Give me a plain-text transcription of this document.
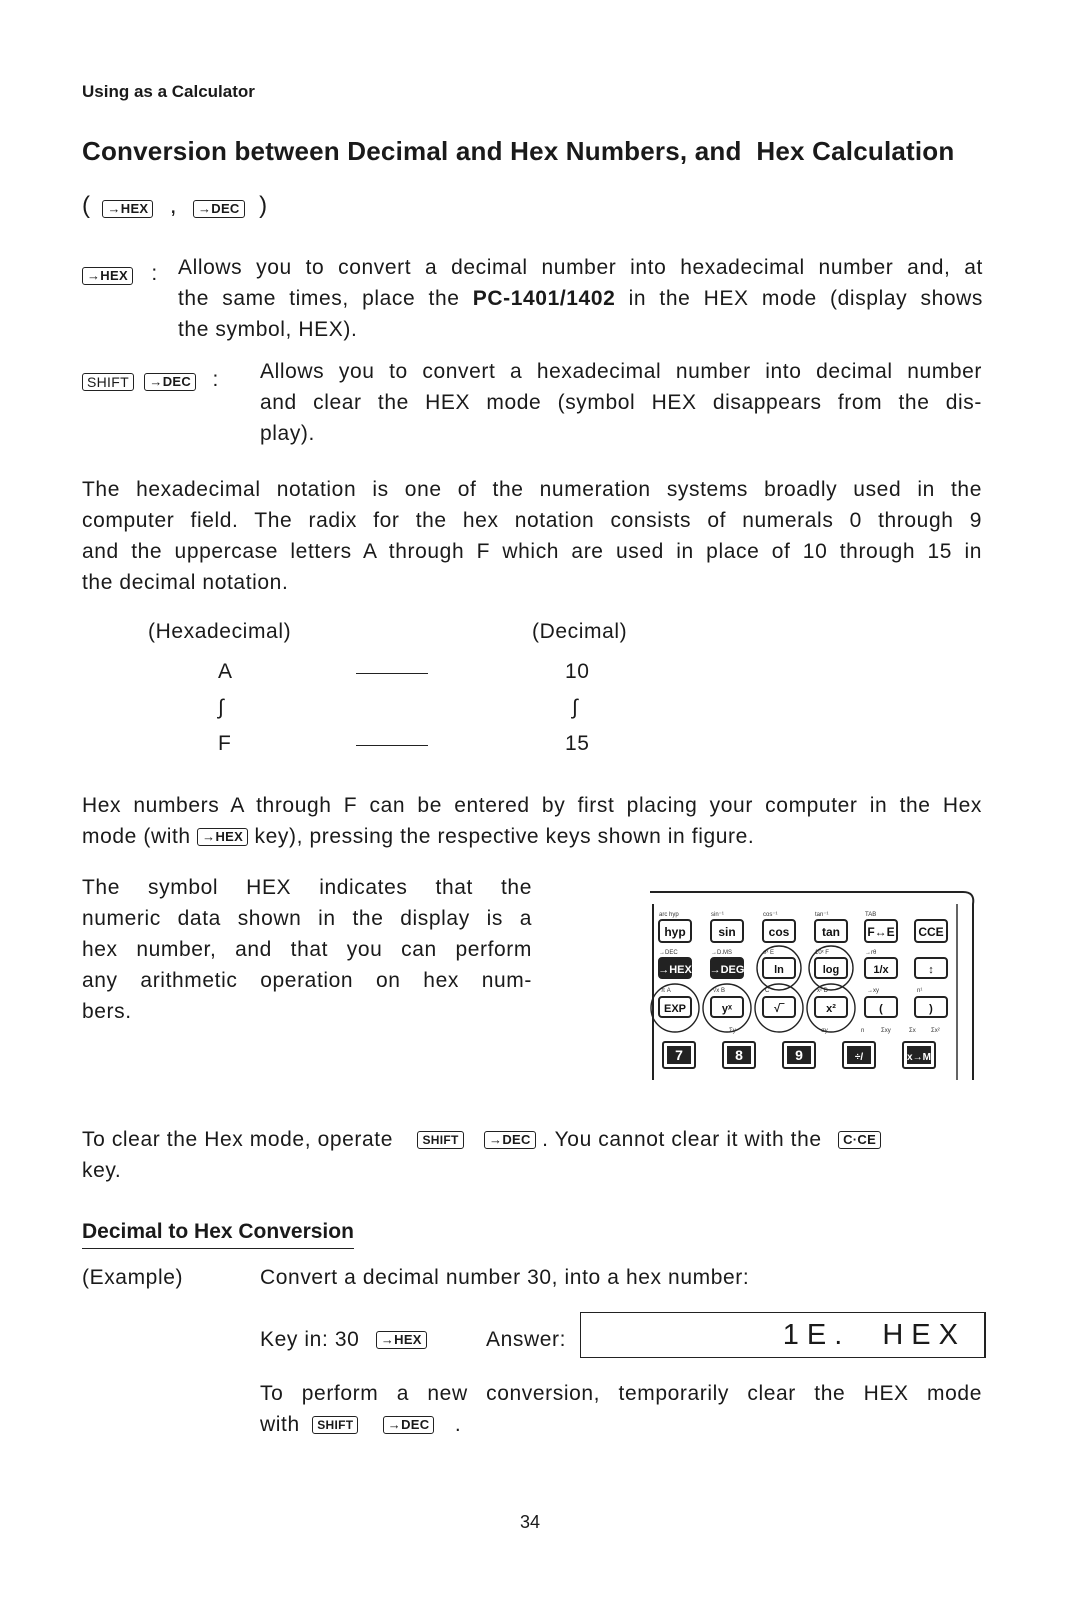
Using as a Calculator
Conversion between Decimal and Hex Numbers, and  Hex Calculation
( →HEX , →DEC )
→HEX : Allows you to convert a decimal number into hexadecimal number and, at
the same times, place the PC-1401/1402 in the HEX mode (display shows
the symbol, HEX).
SHIFT →DEC : Allows you to convert a hexadecimal number into decimal number
and clear the HEX mode (symbol HEX disappears from the dis-
play).
The hexadecimal notation is one of the numeration systems broadly used in the
computer field. The radix for the hex notation consists of numerals 0 through 9
and the uppercase letters A through F which are used in place of 10 through 15 in
the decimal notation.
(Hexadecimal)	(Decimal)
A	10
∫	∫
F	15
Hex numbers A through F can be entered by first placing your computer in the Hex
mode (with →HEX key), pressing the respective keys shown in figure.
The symbol HEX indicates that the
numeric data shown in the display is a
hex number, and that you can perform
any arithmetic operation on hex num-
bers.
arc hyp	sin⁻¹	cos⁻¹	tan⁻¹	TAB
hyp	sin	cos	tan F↔E CCE
→DEC	→D.MS	eˣ E	10ˣ F	→rθ
→HEX →DEG	ln	log	1/x	↕
π A	√x B	C	x² D	→xy	n¹
EXP	yˣ	√‾	x²	(	)
Σy	σy	n	Σxy	Σx	Σx²
7	8	9	÷/	x→M
To clear the Hex mode, operate SHIFT →DEC . You cannot clear it with the C·CE
key.
Decimal to Hex Conversion
(Example)	Convert a decimal number 30, into a hex number:
Key in: 30 →HEX	Answer:	1E.  HEX
To perform a new conversion, temporarily clear the HEX mode
with SHIFT	→DEC .
34
